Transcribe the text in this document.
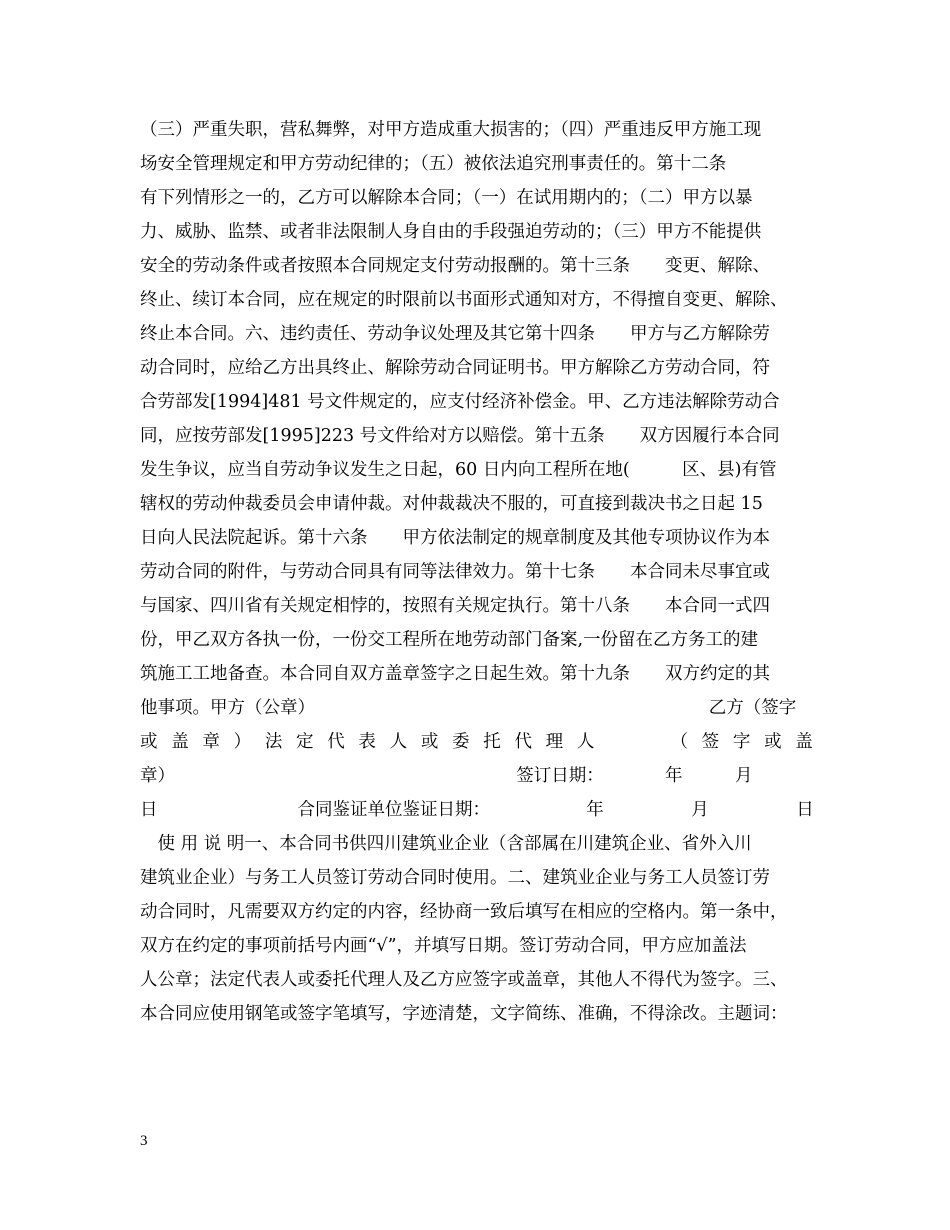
（三）严重失职，营私舞弊，对甲方造成重大损害的；（四）严重违反甲方施工现
场安全管理规定和甲方劳动纪律的；（五）被依法追究刑事责任的。第十二条
有下列情形之一的，乙方可以解除本合同；（一）在试用期内的；（二）甲方以暴
力、威胁、监禁、或者非法限制人身自由的手段强迫劳动的；（三）甲方不能提供
安全的劳动条件或者按照本合同规定支付劳动报酬的。第十三条　　变更、解除、
终止、续订本合同，应在规定的时限前以书面形式通知对方，不得擅自变更、解除、
终止本合同。六、违约责任、劳动争议处理及其它第十四条　　甲方与乙方解除劳
动合同时，应给乙方出具终止、解除劳动合同证明书。甲方解除乙方劳动合同，符
合劳部发[1994]481 号文件规定的，应支付经济补偿金。甲、乙方违法解除劳动合
同，应按劳部发[1995]223 号文件给对方以赔偿。第十五条　　双方因履行本合同
发生争议，应当自劳动争议发生之日起，60 日内向工程所在地(　　　区、县)有管
辖权的劳动仲裁委员会申请仲裁。对仲裁裁决不服的，可直接到裁决书之日起 15
日向人民法院起诉。第十六条　　甲方依法制定的规章制度及其他专项协议作为本
劳动合同的附件，与劳动合同具有同等法律效力。第十七条　　本合同未尽事宜或
与国家、四川省有关规定相悖的，按照有关规定执行。第十八条　　本合同一式四
份，甲乙双方各执一份，一份交工程所在地劳动部门备案,一份留在乙方务工的建
筑施工工地备查。本合同自双方盖章签字之日起生效。第十九条　　双方约定的其
他事项。甲方（公章）　　　　　　　　　　　　　　　　　　　　　　　乙方（签字
或 盖 章 ） 法 定 代 表 人 或 委 托 代 理 人

　	（ 签 字 或 盖
章）　　　　　　　　　　　　　　　　　　　　签订日期：　　　　年　　　月
日　　　　　　　　合同鉴证单位鉴证日期：　　　　　　年　　　　　月　　　　　日
　使 用 说 明一、本合同书供四川建筑业企业（含部属在川建筑企业、省外入川
建筑业企业）与务工人员签订劳动合同时使用。二、建筑业企业与务工人员签订劳
动合同时，凡需要双方约定的内容，经协商一致后填写在相应的空格内。第一条中，
双方在约定的事项前括号内画“√”，并填写日期。签订劳动合同，甲方应加盖法
人公章；法定代表人或委托代理人及乙方应签字或盖章，其他人不得代为签字。三、
本合同应使用钢笔或签字笔填写，字迹清楚，文字简练、准确，不得涂改。主题词：
3
